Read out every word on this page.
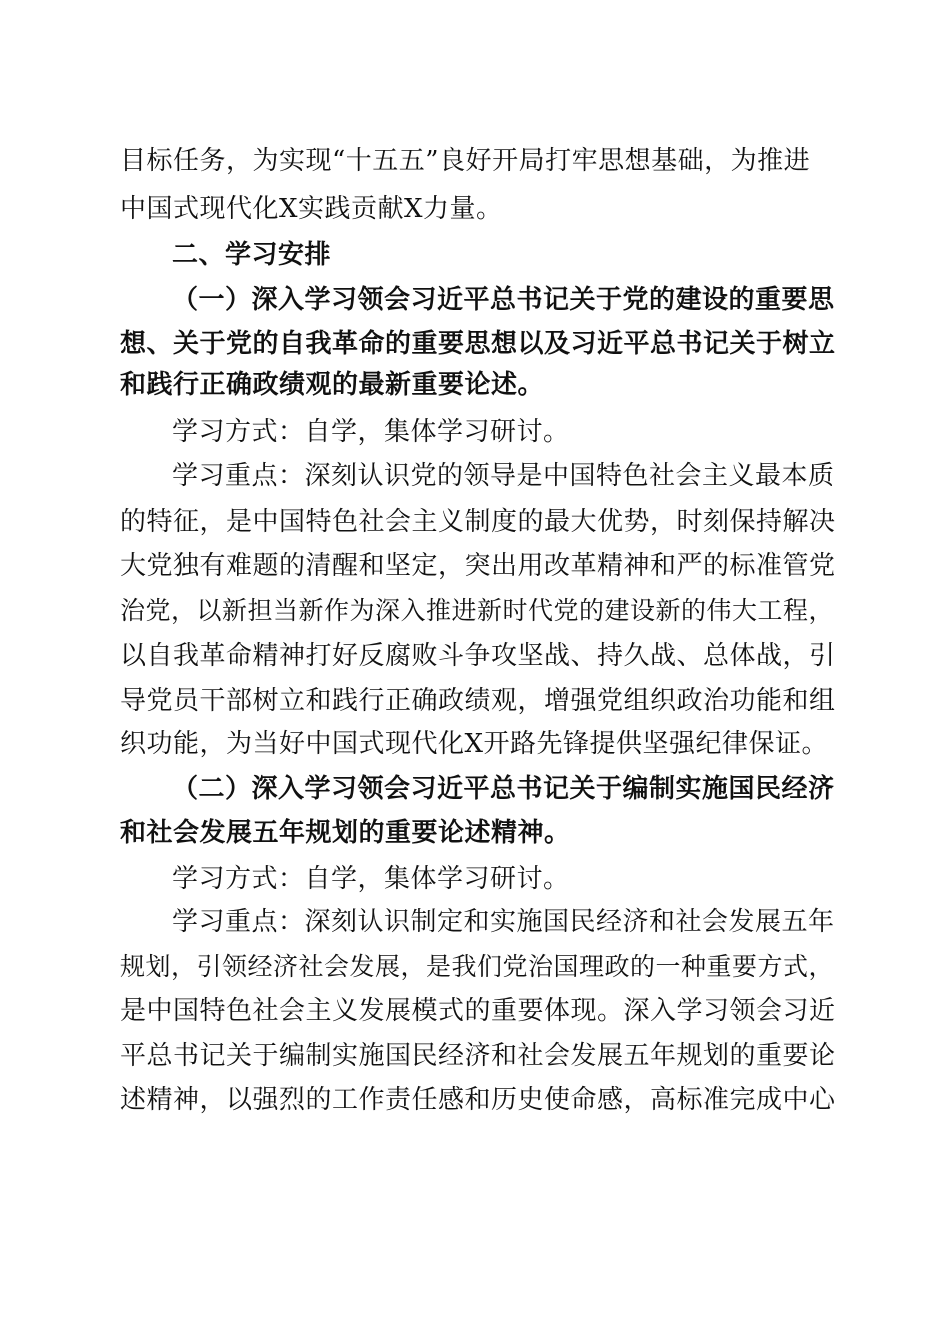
目标任务，为实现“十五五”良好开局打牢思想基础，为推进
中国式现代化X实践贡献X力量。
二、学习安排
（一）深入学习领会习近平总书记关于党的建设的重要思
想、关于党的自我革命的重要思想以及习近平总书记关于树立
和践行正确政绩观的最新重要论述。
学习方式：自学，集体学习研讨。
学习重点：深刻认识党的领导是中国特色社会主义最本质
的特征，是中国特色社会主义制度的最大优势，时刻保持解决
大党独有难题的清醒和坚定，突出用改革精神和严的标准管党
治党，以新担当新作为深入推进新时代党的建设新的伟大工程，
以自我革命精神打好反腐败斗争攻坚战、持久战、总体战，引
导党员干部树立和践行正确政绩观，增强党组织政治功能和组
织功能，为当好中国式现代化X开路先锋提供坚强纪律保证。
（二）深入学习领会习近平总书记关于编制实施国民经济
和社会发展五年规划的重要论述精神。
学习方式：自学，集体学习研讨。
学习重点：深刻认识制定和实施国民经济和社会发展五年
规划，引领经济社会发展，是我们党治国理政的一种重要方式，
是中国特色社会主义发展模式的重要体现。深入学习领会习近
平总书记关于编制实施国民经济和社会发展五年规划的重要论
述精神，以强烈的工作责任感和历史使命感，高标准完成中心
